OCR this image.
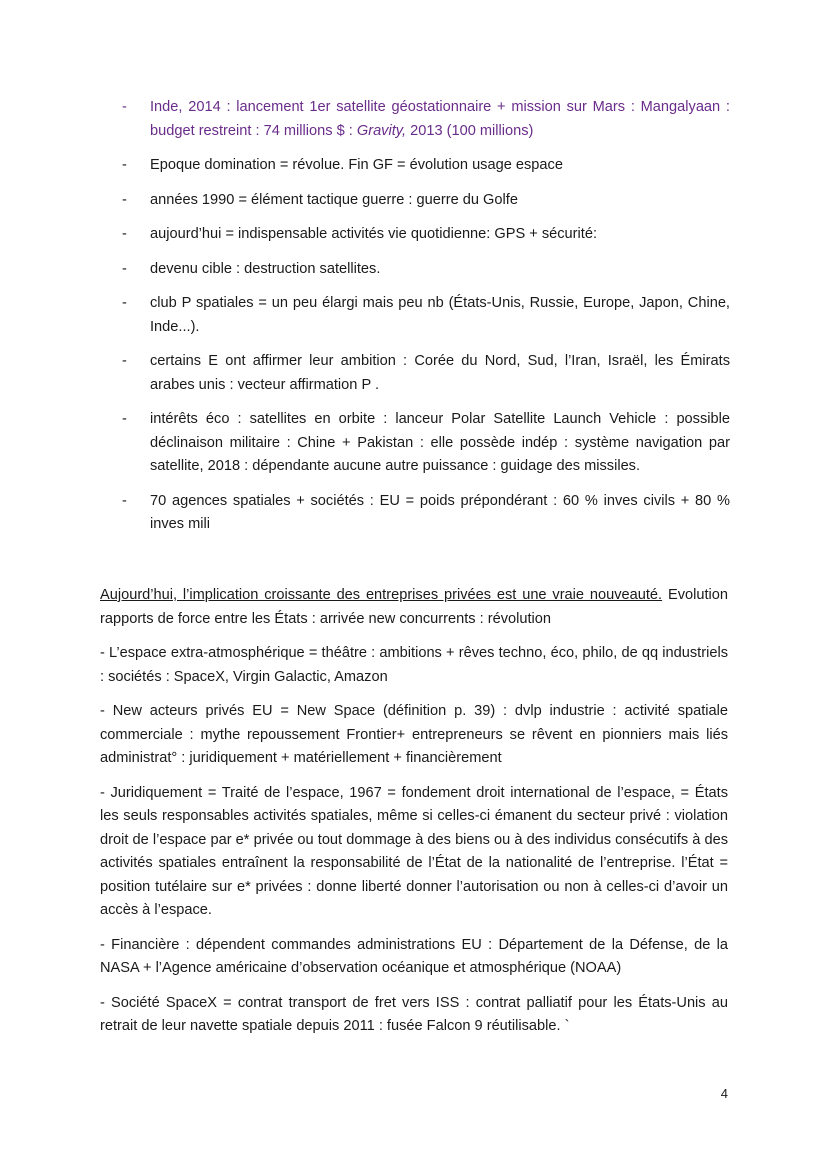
- Inde, 2014 : lancement 1er satellite géostationnaire + mission sur Mars : Mangalyaan : budget restreint : 74 millions $ : Gravity, 2013 (100 millions)
- Epoque domination = révolue. Fin GF = évolution usage espace
- années 1990 = élément tactique guerre : guerre du Golfe
- aujourd’hui = indispensable activités vie quotidienne: GPS + sécurité:
- devenu cible : destruction satellites.
- club P spatiales = un peu élargi mais peu nb (États-Unis, Russie, Europe, Japon, Chine, Inde...).
- certains E ont affirmer leur ambition : Corée du Nord, Sud, l’Iran, Israël, les Émirats arabes unis : vecteur affirmation P .
- intérêts éco : satellites en orbite : lanceur Polar Satellite Launch Vehicle : possible déclinaison militaire : Chine + Pakistan : elle possède indép : système navigation par satellite, 2018 : dépendante aucune autre puissance : guidage des missiles.
- 70 agences spatiales + sociétés : EU = poids prépondérant : 60 % inves civils + 80 % inves mili

Aujourd’hui, l’implication croissante des entreprises privées est une vraie nouveauté. Evolution rapports de force entre les États : arrivée new concurrents : révolution

- L’espace extra-atmosphérique = théâtre : ambitions + rêves techno, éco, philo, de qq industriels : sociétés : SpaceX, Virgin Galactic, Amazon

- New acteurs privés EU = New Space (définition p. 39) : dvlp industrie : activité spatiale commerciale : mythe repoussement Frontier+ entrepreneurs se rêvent en pionniers mais liés administrat° : juridiquement + matériellement + financièrement

- Juridiquement = Traité de l’espace, 1967 = fondement droit international de l’espace, = États les seuls responsables activités spatiales, même si celles-ci émanent du secteur privé : violation droit de l’espace par e* privée ou tout dommage à des biens ou à des individus consécutifs à des activités spatiales entraînent la responsabilité de l’État de la nationalité de l’entreprise. l’État = position tutélaire sur e* privées : donne liberté donner l’autorisation ou non à celles-ci d’avoir un accès à l’espace.

- Financière : dépendent commandes administrations EU : Département de la Défense, de la NASA + l’Agence américaine d’observation océanique et atmosphérique (NOAA)

- Société SpaceX = contrat transport de fret vers ISS : contrat palliatif pour les États-Unis au retrait de leur navette spatiale depuis 2011 : fusée Falcon 9 réutilisable. `

4
